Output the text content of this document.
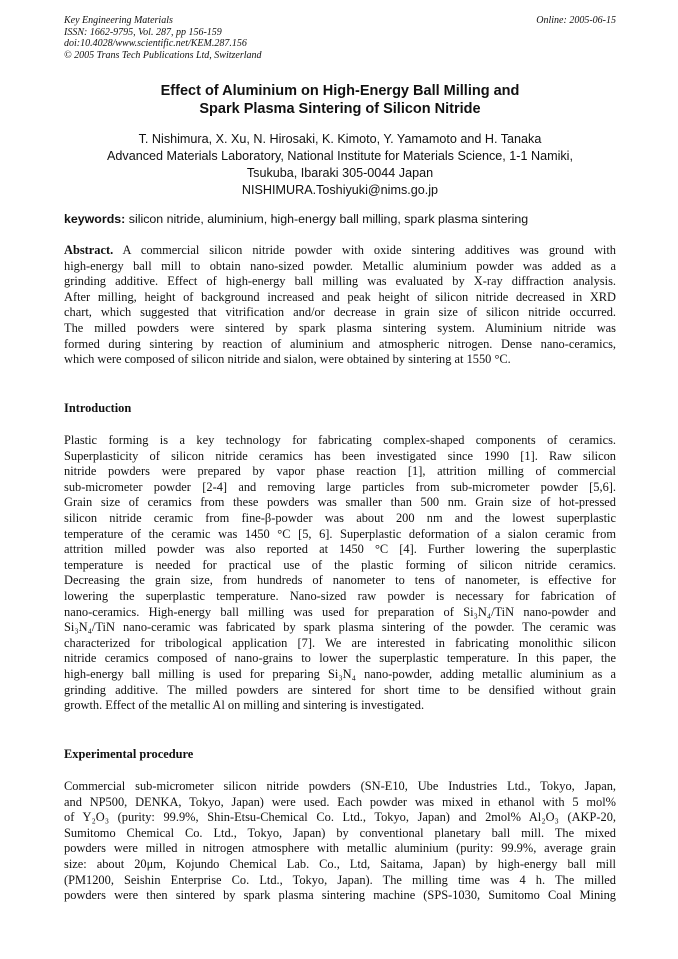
Key Engineering Materials
ISSN: 1662-9795, Vol. 287, pp 156-159
doi:10.4028/www.scientific.net/KEM.287.156
© 2005 Trans Tech Publications Ltd, Switzerland
Online: 2005-06-15
Effect of Aluminium on High-Energy Ball Milling and
Spark Plasma Sintering of Silicon Nitride
T. Nishimura, X. Xu, N. Hirosaki, K. Kimoto, Y. Yamamoto and H. Tanaka
Advanced Materials Laboratory, National Institute for Materials Science, 1-1 Namiki,
Tsukuba, Ibaraki 305-0044 Japan
NISHIMURA.Toshiyuki@nims.go.jp
keywords: silicon nitride, aluminium, high-energy ball milling, spark plasma sintering
Abstract. A commercial silicon nitride powder with oxide sintering additives was ground with
high-energy ball mill to obtain nano-sized powder. Metallic aluminium powder was added as a
grinding additive. Effect of high-energy ball milling was evaluated by X-ray diffraction analysis.
After milling, height of background increased and peak height of silicon nitride decreased in XRD
chart, which suggested that vitrification and/or decrease in grain size of silicon nitride occurred.
The milled powders were sintered by spark plasma sintering system. Aluminium nitride was
formed during sintering by reaction of aluminium and atmospheric nitrogen. Dense nano-ceramics,
which were composed of silicon nitride and sialon, were obtained by sintering at 1550 °C.
Introduction
Plastic forming is a key technology for fabricating complex-shaped components of ceramics.
Superplasticity of silicon nitride ceramics has been investigated since 1990 [1]. Raw silicon
nitride powders were prepared by vapor phase reaction [1], attrition milling of commercial
sub-micrometer powder [2-4] and removing large particles from sub-micrometer powder [5,6].
Grain size of ceramics from these powders was smaller than 500 nm. Grain size of hot-pressed
silicon nitride ceramic from fine-β-powder was about 200 nm and the lowest superplastic
temperature of the ceramic was 1450 °C [5, 6]. Superplastic deformation of a sialon ceramic from
attrition milled powder was also reported at 1450 °C [4]. Further lowering the superplastic
temperature is needed for practical use of the plastic forming of silicon nitride ceramics.
Decreasing the grain size, from hundreds of nanometer to tens of nanometer, is effective for
lowering the superplastic temperature. Nano-sized raw powder is necessary for fabrication of
nano-ceramics. High-energy ball milling was used for preparation of Si₃N₄/TiN nano-powder and
Si₃N₄/TiN nano-ceramic was fabricated by spark plasma sintering of the powder. The ceramic was
characterized for tribological application [7]. We are interested in fabricating monolithic silicon
nitride ceramics composed of nano-grains to lower the superplastic temperature. In this paper, the
high-energy ball milling is used for preparing Si₃N₄ nano-powder, adding metallic aluminium as a
grinding additive. The milled powders are sintered for short time to be densified without grain
growth. Effect of the metallic Al on milling and sintering is investigated.
Experimental procedure
Commercial sub-micrometer silicon nitride powders (SN-E10, Ube Industries Ltd., Tokyo, Japan,
and NP500, DENKA, Tokyo, Japan) were used. Each powder was mixed in ethanol with 5 mol%
of Y₂O₃ (purity: 99.9%, Shin-Etsu-Chemical Co. Ltd., Tokyo, Japan) and 2mol% Al₂O₃ (AKP-20,
Sumitomo Chemical Co. Ltd., Tokyo, Japan) by conventional planetary ball mill. The mixed
powders were milled in nitrogen atmosphere with metallic aluminium (purity: 99.9%, average grain
size: about 20μm, Kojundo Chemical Lab. Co., Ltd, Saitama, Japan) by high-energy ball mill
(PM1200, Seishin Enterprise Co. Ltd., Tokyo, Japan). The milling time was 4 h. The milled
powders were then sintered by spark plasma sintering machine (SPS-1030, Sumitomo Coal Mining
